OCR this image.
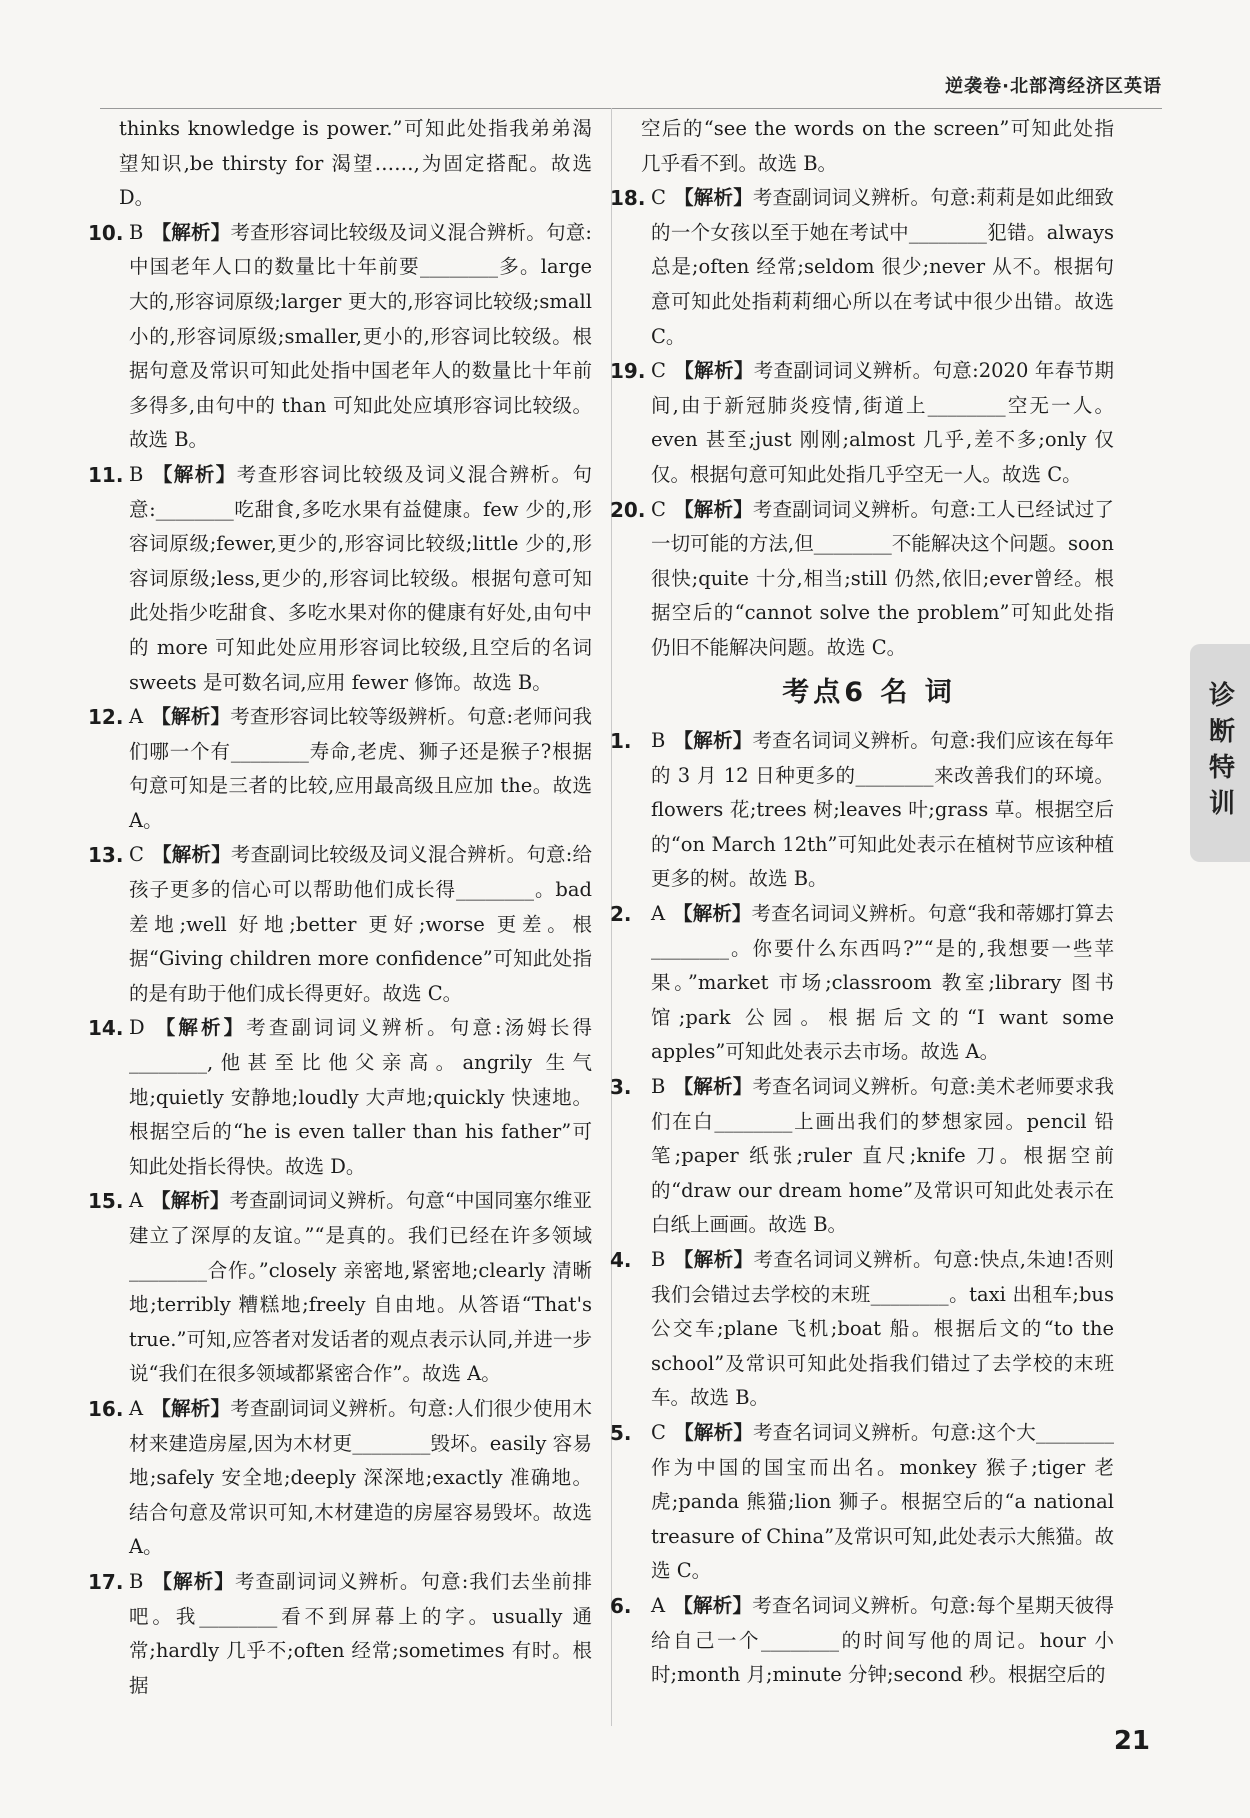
逆袭卷·北部湾经济区英语
thinks knowledge is power.”可知此处指我弟弟渴望知识,be thirsty for 渴望……,为固定搭配。故选 D。
10. B 【解析】考查形容词比较级及词义混合辨析。句意:中国老年人口的数量比十年前要________多。large 大的,形容词原级;larger 更大的,形容词比较级;small 小的,形容词原级;smaller,更小的,形容词比较级。根据句意及常识可知此处指中国老年人的数量比十年前多得多,由句中的 than 可知此处应填形容词比较级。故选 B。
11. B 【解析】考查形容词比较级及词义混合辨析。句意:________吃甜食,多吃水果有益健康。few 少的,形容词原级;fewer,更少的,形容词比较级;little 少的,形容词原级;less,更少的,形容词比较级。根据句意可知此处指少吃甜食、多吃水果对你的健康有好处,由句中的 more 可知此处应用形容词比较级,且空后的名词 sweets 是可数名词,应用 fewer 修饰。故选 B。
12. A 【解析】考查形容词比较等级辨析。句意:老师问我们哪一个有________寿命,老虎、狮子还是猴子?根据句意可知是三者的比较,应用最高级且应加 the。故选 A。
13. C 【解析】考查副词比较级及词义混合辨析。句意:给孩子更多的信心可以帮助他们成长得________。bad 差地;well 好地;better 更好;worse 更差。根据“Giving children more confidence”可知此处指的是有助于他们成长得更好。故选 C。
14. D 【解析】考查副词词义辨析。句意:汤姆长得________,他甚至比他父亲高。angrily 生气地;quietly 安静地;loudly 大声地;quickly 快速地。根据空后的“he is even taller than his father”可知此处指长得快。故选 D。
15. A 【解析】考查副词词义辨析。句意“中国同塞尔维亚建立了深厚的友谊。”“是真的。我们已经在许多领域________合作。”closely 亲密地,紧密地;clearly 清晰地;terribly 糟糕地;freely 自由地。从答语“That's true.”可知,应答者对发话者的观点表示认同,并进一步说“我们在很多领域都紧密合作”。故选 A。
16. A 【解析】考查副词词义辨析。句意:人们很少使用木材来建造房屋,因为木材更________毁坏。easily 容易地;safely 安全地;deeply 深深地;exactly 准确地。结合句意及常识可知,木材建造的房屋容易毁坏。故选 A。
17. B 【解析】考查副词词义辨析。句意:我们去坐前排吧。我________看不到屏幕上的字。usually 通常;hardly 几乎不;often 经常;sometimes 有时。根据
空后的“see the words on the screen”可知此处指几乎看不到。故选 B。
18. C 【解析】考查副词词义辨析。句意:莉莉是如此细致的一个女孩以至于她在考试中________犯错。always 总是;often 经常;seldom 很少;never 从不。根据句意可知此处指莉莉细心所以在考试中很少出错。故选 C。
19. C 【解析】考查副词词义辨析。句意:2020 年春节期间,由于新冠肺炎疫情,街道上________空无一人。even 甚至;just 刚刚;almost 几乎,差不多;only 仅仅。根据句意可知此处指几乎空无一人。故选 C。
20. C 【解析】考查副词词义辨析。句意:工人已经试过了一切可能的方法,但________不能解决这个问题。soon 很快;quite 十分,相当;still 仍然,依旧;ever曾经。根据空后的“cannot solve the problem”可知此处指仍旧不能解决问题。故选 C。
考点6 名 词
1. B 【解析】考查名词词义辨析。句意:我们应该在每年的 3 月 12 日种更多的________来改善我们的环境。flowers 花;trees 树;leaves 叶;grass 草。根据空后的“on March 12th”可知此处表示在植树节应该种植更多的树。故选 B。
2. A 【解析】考查名词词义辨析。句意“我和蒂娜打算去________。你要什么东西吗?”“是的,我想要一些苹果。”market 市场;classroom 教室;library 图书馆;park 公园。根据后文的“I want some apples”可知此处表示去市场。故选 A。
3. B 【解析】考查名词词义辨析。句意:美术老师要求我们在白________上画出我们的梦想家园。pencil 铅笔;paper 纸张;ruler 直尺;knife 刀。根据空前的“draw our dream home”及常识可知此处表示在白纸上画画。故选 B。
4. B 【解析】考查名词词义辨析。句意:快点,朱迪!否则我们会错过去学校的末班________。taxi 出租车;bus 公交车;plane 飞机;boat 船。根据后文的“to the school”及常识可知此处指我们错过了去学校的末班车。故选 B。
5. C 【解析】考查名词词义辨析。句意:这个大________作为中国的国宝而出名。monkey 猴子;tiger 老虎;panda 熊猫;lion 狮子。根据空后的“a national treasure of China”及常识可知,此处表示大熊猫。故选 C。
6. A 【解析】考查名词词义辨析。句意:每个星期天彼得给自己一个________的时间写他的周记。hour 小时;month 月;minute 分钟;second 秒。根据空后的
诊断特训
21
